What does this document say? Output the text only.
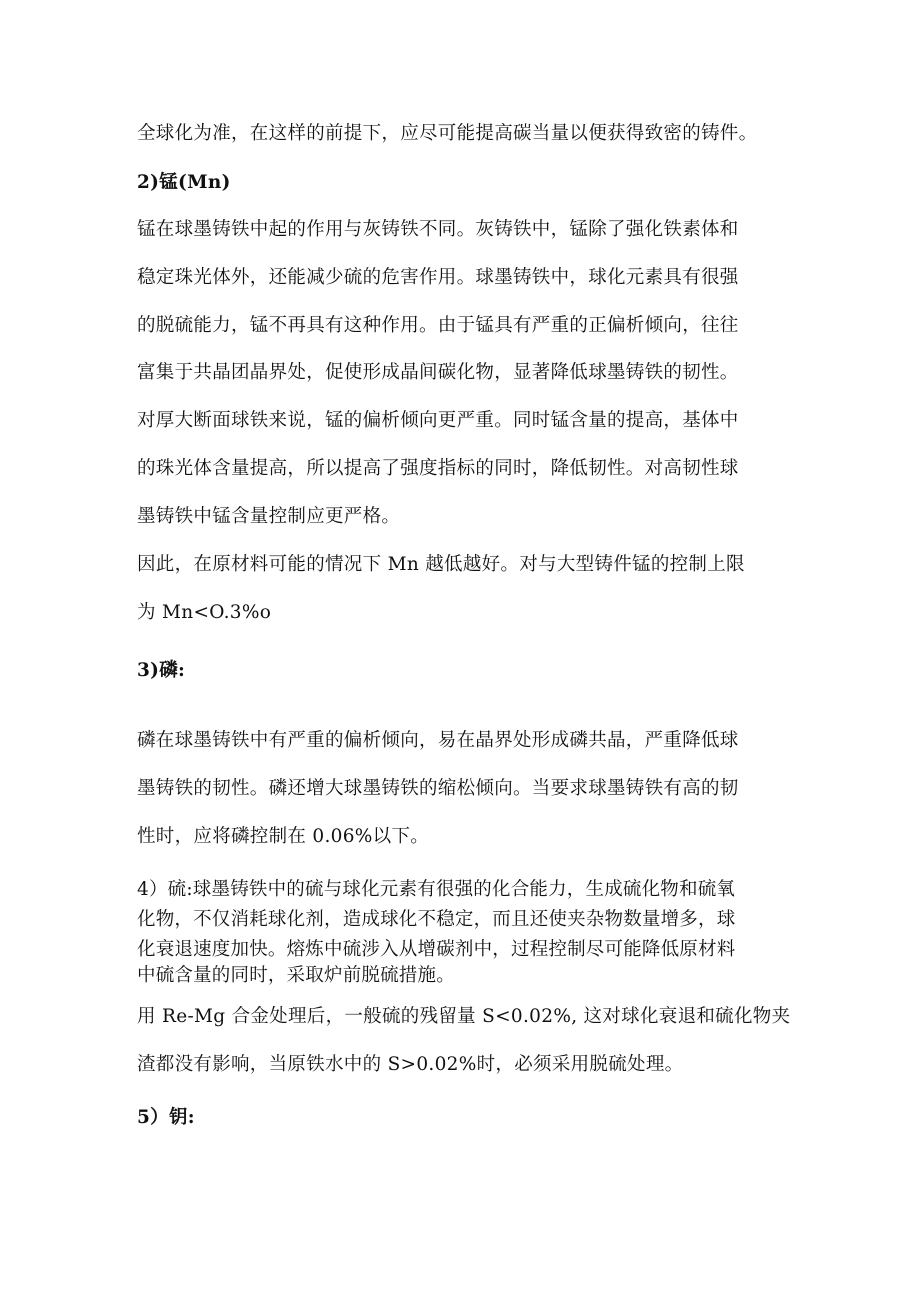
全球化为准，在这样的前提下，应尽可能提高碳当量以便获得致密的铸件。
2)锰(Mn)
锰在球墨铸铁中起的作用与灰铸铁不同。灰铸铁中，锰除了强化铁素体和
稳定珠光体外，还能减少硫的危害作用。球墨铸铁中，球化元素具有很强
的脱硫能力，锰不再具有这种作用。由于锰具有严重的正偏析倾向，往往
富集于共晶团晶界处，促使形成晶间碳化物，显著降低球墨铸铁的韧性。
对厚大断面球铁来说，锰的偏析倾向更严重。同时锰含量的提高，基体中
的珠光体含量提高，所以提高了强度指标的同时，降低韧性。对高韧性球
墨铸铁中锰含量控制应更严格。
因此，在原材料可能的情况下 Mn 越低越好。对与大型铸件锰的控制上限
为 Mn<O.3%o
3)磷:
磷在球墨铸铁中有严重的偏析倾向，易在晶界处形成磷共晶，严重降低球
墨铸铁的韧性。磷还增大球墨铸铁的缩松倾向。当要求球墨铸铁有高的韧
性时，应将磷控制在 0.06%以下。
4）硫:球墨铸铁中的硫与球化元素有很强的化合能力，生成硫化物和硫氧
化物，不仅消耗球化剂，造成球化不稳定，而且还使夹杂物数量增多，球
化衰退速度加快。熔炼中硫涉入从增碳剂中，过程控制尽可能降低原材料
中硫含量的同时，采取炉前脱硫措施。
用 Re-Mg 合金处理后，一般硫的残留量 S<0.02%, 这对球化衰退和硫化物夹
渣都没有影响，当原铁水中的 S>0.02%时，必须采用脱硫处理。
5）钥:
